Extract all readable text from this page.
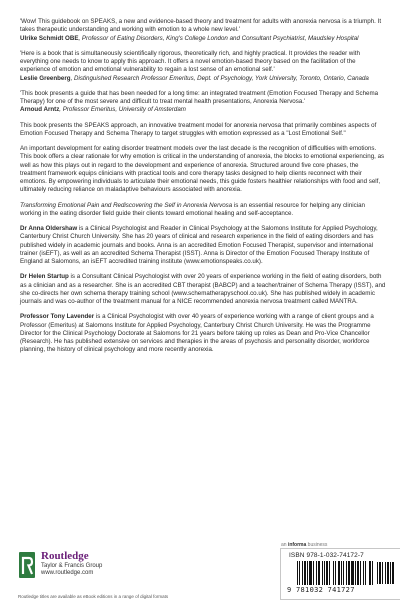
'Wow! This guidebook on SPEAKS, a new and evidence-based theory and treatment for adults with anorexia nervosa is a triumph. It takes therapeutic understanding and working with emotion to a whole new level.'
Ulrike Schmidt OBE, Professor of Eating Disorders, King's College London and Consultant Psychiatrist, Maudsley Hospital

'Here is a book that is simultaneously scientifically rigorous, theoretically rich, and highly practical. It provides the reader with everything one needs to know to apply this approach. It offers a novel emotion-based theory based on the facilitation of the experience of emotion and emotional vulnerability to regain a lost sense of an emotional self.'
Leslie Greenberg, Distinguished Research Professor Emeritus, Dept. of Psychology, York University, Toronto, Ontario, Canada

'This book presents a guide that has been needed for a long time: an integrated treatment (Emotion Focused Therapy and Schema Therapy) for one of the most severe and difficult to treat mental health presentations, Anorexia Nervosa.'
Arnoud Arntz, Professor Emeritus, University of Amsterdam

This book presents the SPEAKS approach, an innovative treatment model for anorexia nervosa that primarily combines aspects of Emotion Focused Therapy and Schema Therapy to target struggles with emotion expressed as a "Lost Emotional Self."

An important development for eating disorder treatment models over the last decade is the recognition of difficulties with emotions. This book offers a clear rationale for why emotion is critical in the understanding of anorexia, the blocks to emotional experiencing, as well as how this plays out in regard to the development and experience of anorexia. Structured around five core phases, the treatment framework equips clinicians with practical tools and core therapy tasks designed to help clients reconnect with their emotions. By empowering individuals to articulate their emotional needs, this guide fosters healthier relationships with food and self, ultimately reducing reliance on maladaptive behaviours associated with anorexia.

Transforming Emotional Pain and Rediscovering the Self in Anorexia Nervosa is an essential resource for helping any clinician working in the eating disorder field guide their clients toward emotional healing and self-acceptance.

Dr Anna Oldershaw is a Clinical Psychologist and Reader in Clinical Psychology at the Salomons Institute for Applied Psychology, Canterbury Christ Church University. She has 20 years of clinical and research experience in the field of eating disorders and has published widely in academic journals and books. Anna is an accredited Emotion Focused Therapist, supervisor and international trainer (isEFT), as well as an accredited Schema Therapist (ISST). Anna is Director of the Emotion Focused Therapy Institute of England at Salomons, an isEFT accredited training institute (www.emotionspeaks.co.uk).

Dr Helen Startup is a Consultant Clinical Psychologist with over 20 years of experience working in the field of eating disorders, both as a clinician and as a researcher. She is an accredited CBT therapist (BABCP) and a teacher/trainer of Schema Therapy (ISST), and she co-directs her own schema therapy training school (www.schematherapyschool.co.uk). She has published widely in academic journals and was co-author of the treatment manual for a NICE recommended anorexia nervosa treatment called MANTRA.

Professor Tony Lavender is a Clinical Psychologist with over 40 years of experience working with a range of client groups and a Professor (Emeritus) at Salomons Institute for Applied Psychology, Canterbury Christ Church University. He was the Programme Director for the Clinical Psychology Doctorate at Salomons for 21 years before taking up roles as Dean and Pro-Vice Chancellor (Research). He has published extensive on services and therapies in the areas of psychosis and personality disorder, workforce planning, the history of clinical psychology and more recently anorexia.

Routledge
Taylor & Francis Group
www.routledge.com
Routledge titles are available as eBook editions in a range of digital formats
an informa business
ISBN 978-1-032-74172-7
9 781032 741727
